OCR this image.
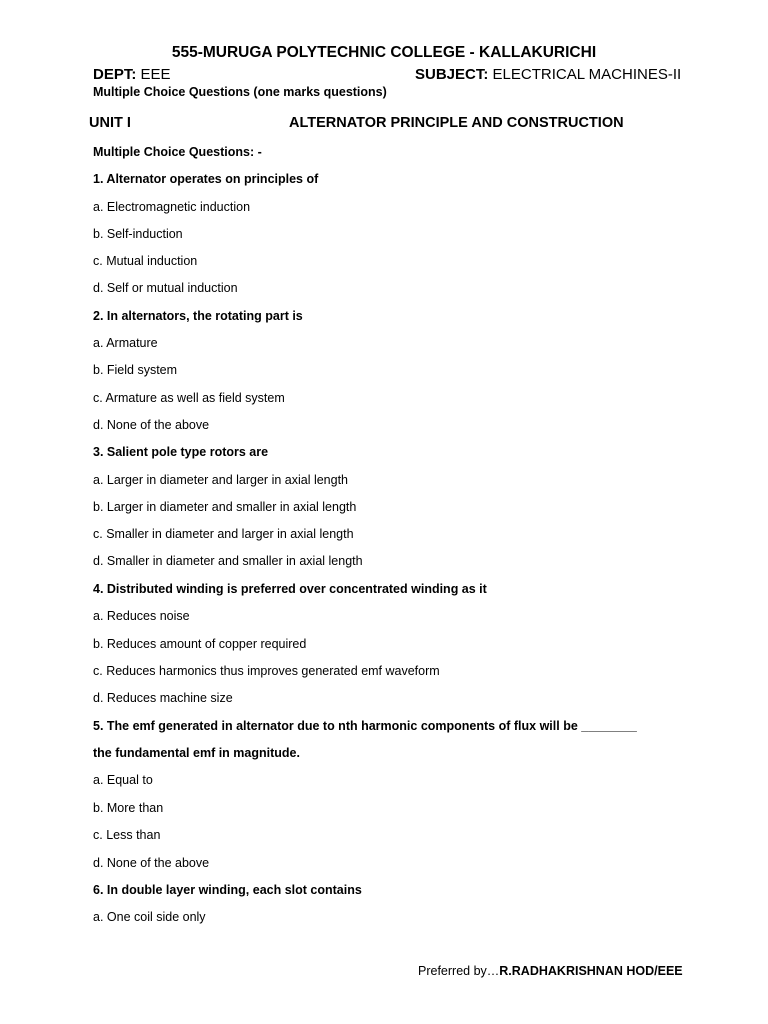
555-MURUGA POLYTECHNIC COLLEGE - KALLAKURICHI
DEPT: EEE	SUBJECT: ELECTRICAL MACHINES-II
Multiple Choice Questions (one marks questions)
UNIT I	ALTERNATOR PRINCIPLE AND CONSTRUCTION
Multiple Choice Questions: -
1. Alternator operates on principles of
a. Electromagnetic induction
b. Self-induction
c. Mutual induction
d. Self or mutual induction
2. In alternators, the rotating part is
a. Armature
b. Field system
c. Armature as well as field system
d. None of the above
3. Salient pole type rotors are
a. Larger in diameter and larger in axial length
b. Larger in diameter and smaller in axial length
c. Smaller in diameter and larger in axial length
d. Smaller in diameter and smaller in axial length
4. Distributed winding is preferred over concentrated winding as it
a. Reduces noise
b. Reduces amount of copper required
c. Reduces harmonics thus improves generated emf waveform
d. Reduces machine size
5. The emf generated in alternator due to nth harmonic components of flux will be ________
the fundamental emf in magnitude.
a. Equal to
b. More than
c. Less than
d. None of the above
6. In double layer winding, each slot contains
a. One coil side only
Preferred by…R.RADHAKRISHNAN HOD/EEE
